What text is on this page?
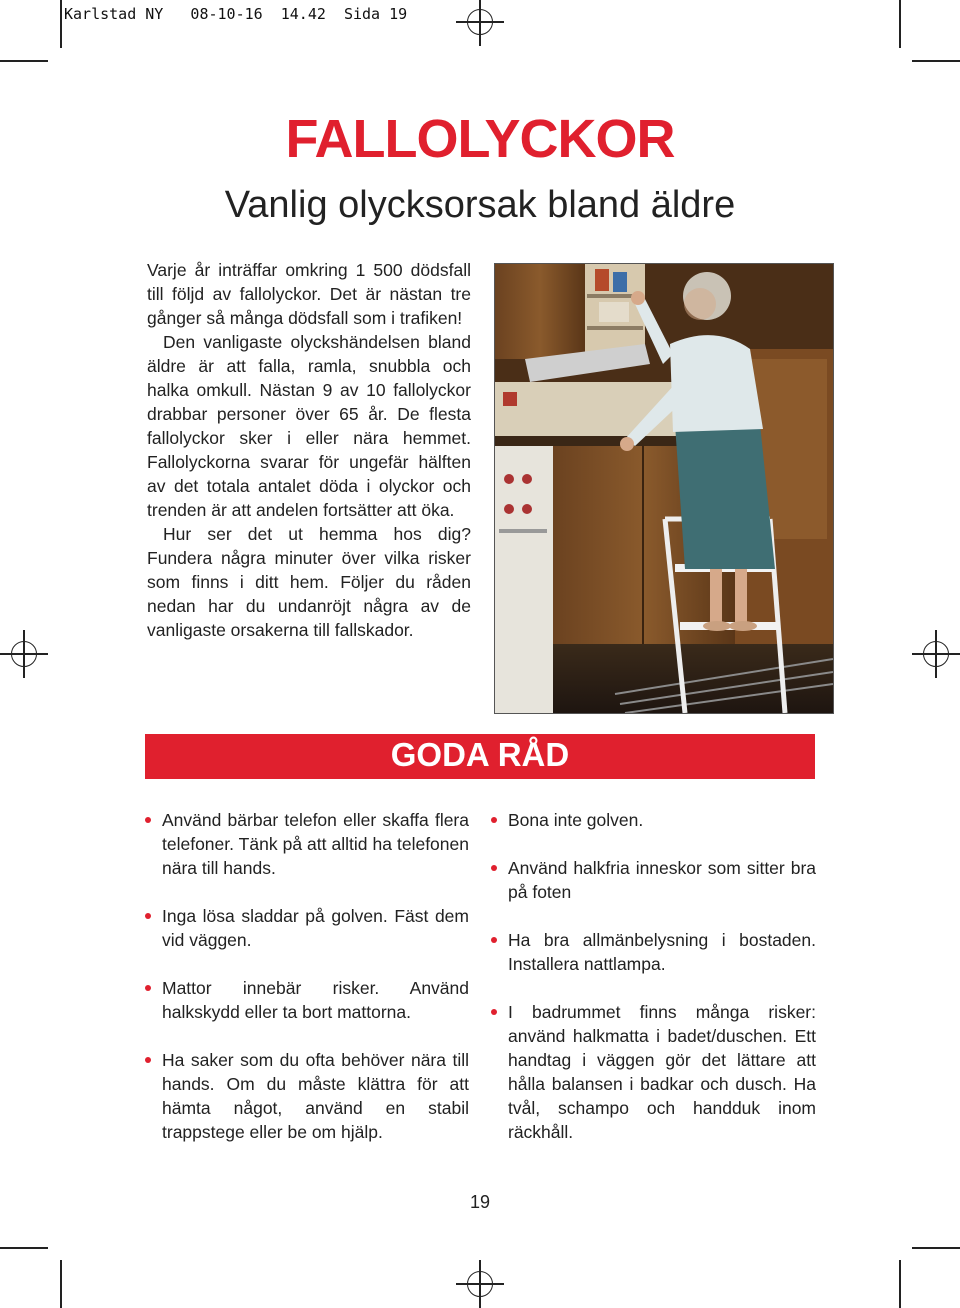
Karlstad NY   08-10-16  14.42  Sida 19
FALLOLYCKOR
Vanlig olycksorsak bland äldre

Varje år inträffar omkring 1 500 dödsfall till följd av fallolyckor. Det är nästan tre gånger så många dödsfall som i trafiken!

Den vanligaste olyckshändelsen bland äldre är att falla, ramla, snubbla och halka omkull. Nästan 9 av 10 fallolyckor drabbar personer över 65 år. De flesta fallolyckor sker i eller nära hemmet. Fallolyckorna svarar för ungefär hälften av det totala antalet döda i olyckor och trenden är att andelen fortsätter att öka.

Hur ser det ut hemma hos dig? Fundera några minuter över vilka risker som finns i ditt hem. Följer du råden nedan har du undanröjt några av de vanligaste orsakerna till fallskador.

GODA RÅD
Använd bärbar telefon eller skaffa flera telefoner. Tänk på att alltid ha telefonen nära till hands.
Inga lösa sladdar på golven. Fäst dem vid väggen.
Mattor innebär risker. Använd halkskydd eller ta bort mattorna.
Ha saker som du ofta behöver nära till hands. Om du måste klättra för att hämta något, använd en stabil trappstege eller be om hjälp.
Bona inte golven.
Använd halkfria inneskor som sitter bra på foten
Ha bra allmänbelysning i bostaden. Installera nattlampa.
I badrummet finns många risker: använd halkmatta i badet/duschen. Ett handtag i väggen gör det lättare att hålla balansen i badkar och dusch. Ha tvål, schampo och handduk inom räckhåll.
19
